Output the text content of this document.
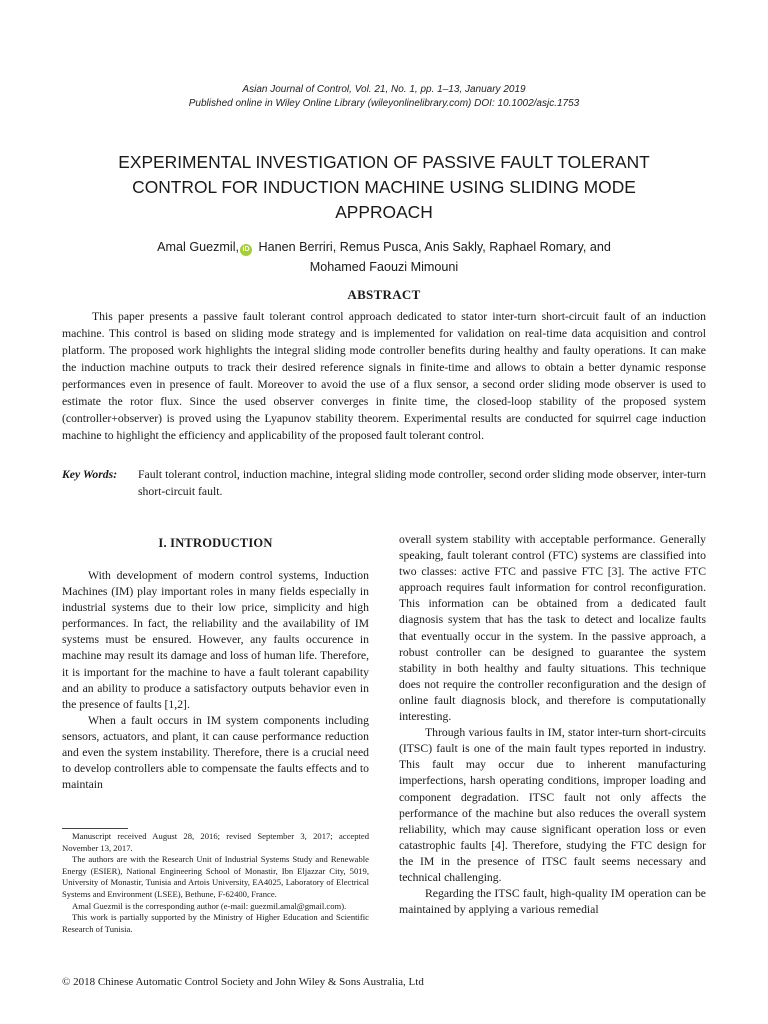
Asian Journal of Control, Vol. 21, No. 1, pp. 1–13, January 2019
Published online in Wiley Online Library (wileyonlinelibrary.com) DOI: 10.1002/asjc.1753
EXPERIMENTAL INVESTIGATION OF PASSIVE FAULT TOLERANT
CONTROL FOR INDUCTION MACHINE USING SLIDING MODE
APPROACH
Amal Guezmil, iD Hanen Berriri, Remus Pusca, Anis Sakly, Raphael Romary, and
Mohamed Faouzi Mimouni
ABSTRACT

This paper presents a passive fault tolerant control approach dedicated to stator inter-turn short-circuit fault of an induction machine. This control is based on sliding mode strategy and is implemented for validation on real-time data acquisition and control platform. The proposed work highlights the integral sliding mode controller benefits during healthy and faulty operations. It can make the induction machine outputs to track their desired reference signals in finite-time and allows to obtain a better dynamic response performances even in presence of fault. Moreover to avoid the use of a flux sensor, a second order sliding mode observer is used to estimate the rotor flux. Since the used observer converges in finite time, the closed-loop stability of the proposed system (controller+observer) is proved using the Lyapunov stability theorem. Experimental results are conducted for squirrel cage induction machine to highlight the efficiency and applicability of the proposed fault tolerant control.

Key Words: Fault tolerant control, induction machine, integral sliding mode controller, second order sliding mode observer, inter-turn short-circuit fault.
I. INTRODUCTION

With development of modern control systems, Induction Machines (IM) play important roles in many fields especially in industrial systems due to their low price, simplicity and high performances. In fact, the reliability and the availability of IM systems must be ensured. However, any faults occurence in machine may result its damage and loss of human life. Therefore, it is important for the machine to have a fault tolerant capability and an ability to produce a satisfactory outputs behavior even in the presence of faults [1,2].

When a fault occurs in IM system components including sensors, actuators, and plant, it can cause performance reduction and even the system instability. Therefore, there is a crucial need to develop controllers able to compensate the faults effects and to maintain

Manuscript received August 28, 2016; revised September 3, 2017; accepted November 13, 2017.

The authors are with the Research Unit of Industrial Systems Study and Renewable Energy (ESIER), National Engineering School of Monastir, Ibn Eljazzar City, 5019, University of Monastir, Tunisia and Artois University, EA4025, Laboratory of Electrical Systems and Environment (LSEE), Bethune, F-62400, France.

Amal Guezmil is the corresponding author (e-mail: guezmil.amal@gmail.com).

This work is partially supported by the Ministry of Higher Education and Scientific Research of Tunisia.

overall system stability with acceptable performance. Generally speaking, fault tolerant control (FTC) systems are classified into two classes: active FTC and passive FTC [3]. The active FTC approach requires fault information for control reconfiguration. This information can be obtained from a dedicated fault diagnosis system that has the task to detect and localize faults that eventually occur in the system. In the passive approach, a robust controller can be designed to guarantee the system stability in both healthy and faulty situations. This technique does not require the controller reconfiguration and the design of online fault diagnosis block, and therefore is computationally interesting.

Through various faults in IM, stator inter-turn short-circuits (ITSC) fault is one of the main fault types reported in industry. This fault may occur due to inherent manufacturing imperfections, harsh operating conditions, improper loading and component degradation. ITSC fault not only affects the performance of the machine but also reduces the overall system reliability, which may cause significant operation loss or even catastrophic faults [4]. Therefore, studying the FTC design for the IM in the presence of ITSC fault seems necessary and technical challenging.

Regarding the ITSC fault, high-quality IM operation can be maintained by applying a various remedial

© 2018 Chinese Automatic Control Society and John Wiley & Sons Australia, Ltd
